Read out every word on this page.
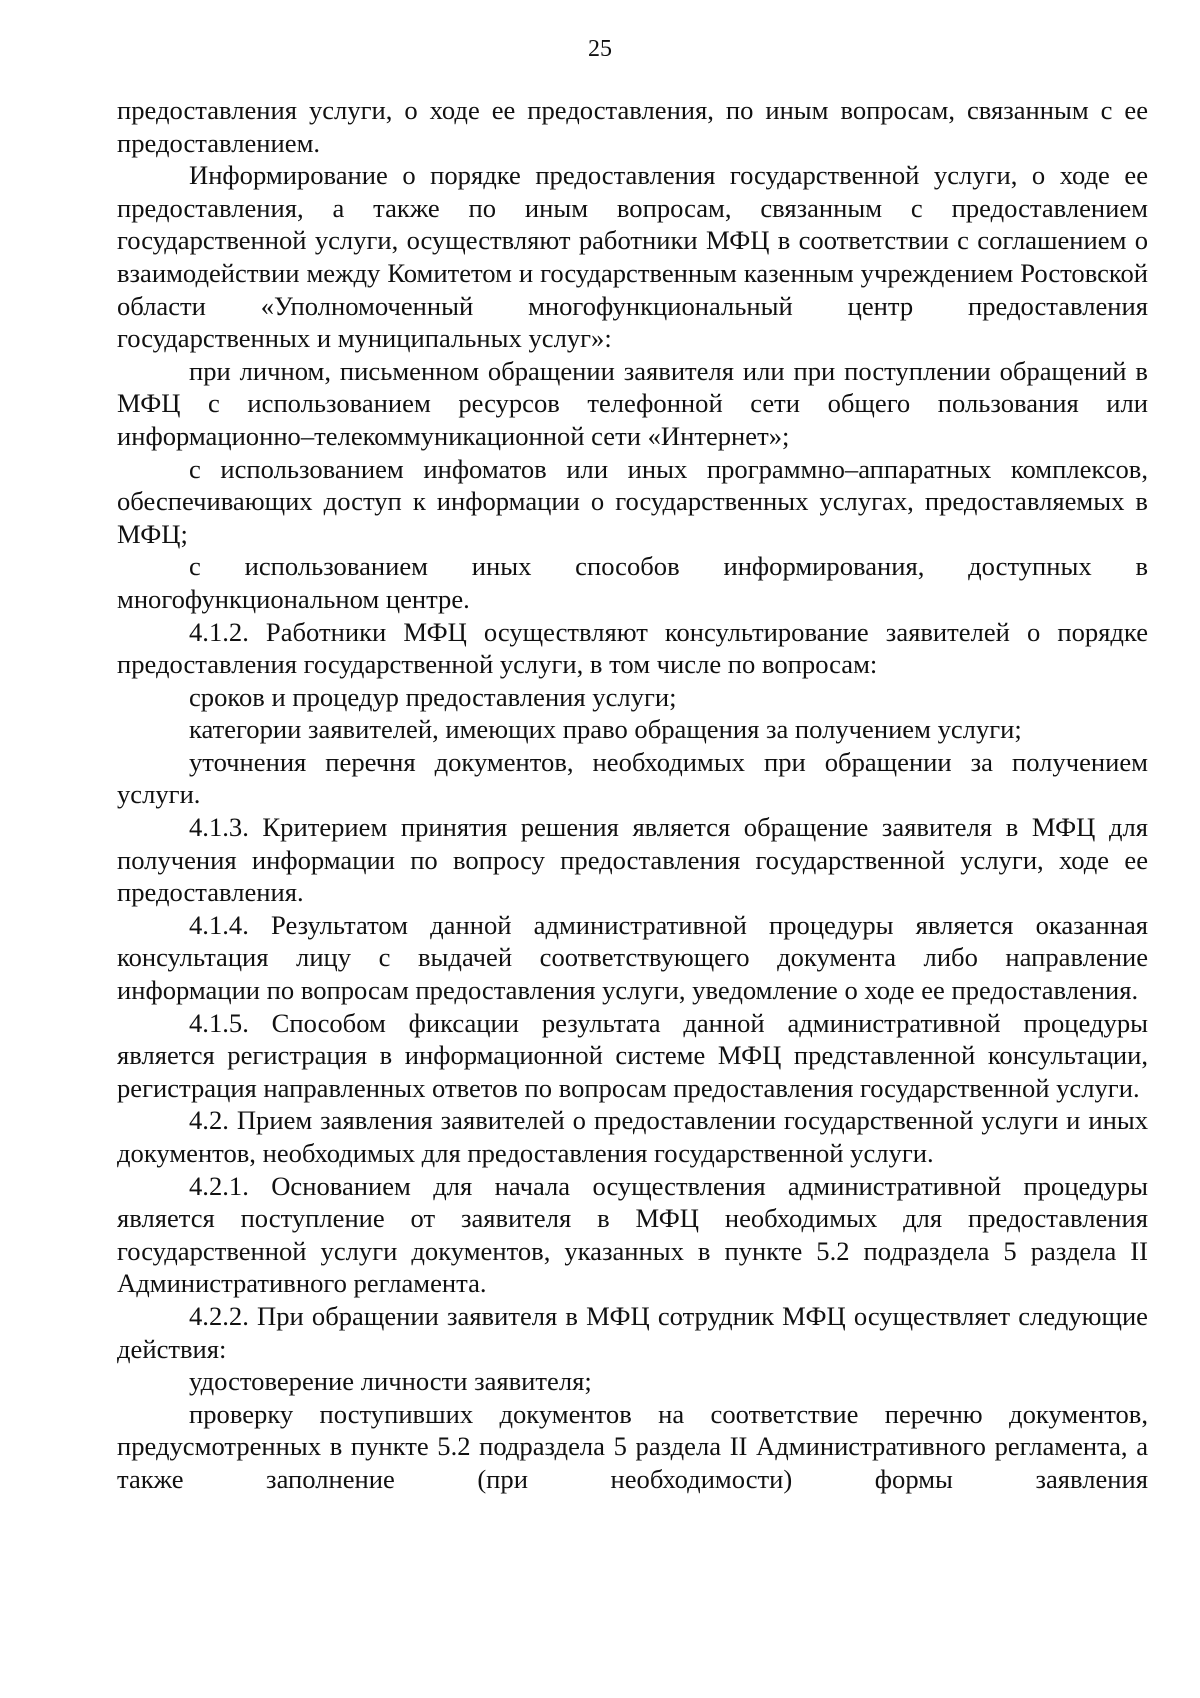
25

предоставления услуги, о ходе ее предоставления, по иным вопросам, связанным с ее предоставлением.

Информирование о порядке предоставления государственной услуги, о ходе ее предоставления, а также по иным вопросам, связанным с предоставлением государственной услуги, осуществляют работники МФЦ в соответствии с соглашением о взаимодействии между Комитетом и государственным казенным учреждением Ростовской области «Уполномоченный многофункциональный центр предоставления государственных и муниципальных услуг»:

при личном, письменном обращении заявителя или при поступлении обращений в МФЦ с использованием ресурсов телефонной сети общего пользования или информационно–телекоммуникационной сети «Интернет»;

с использованием инфоматов или иных программно–аппаратных комплексов, обеспечивающих доступ к информации о государственных услугах, предоставляемых в МФЦ;

с использованием иных способов информирования, доступных в многофункциональном центре.

4.1.2. Работники МФЦ осуществляют консультирование заявителей о порядке предоставления государственной услуги, в том числе по вопросам:

сроков и процедур предоставления услуги;

категории заявителей, имеющих право обращения за получением услуги;

уточнения перечня документов, необходимых при обращении за получением услуги.

4.1.3. Критерием принятия решения является обращение заявителя в МФЦ для получения информации по вопросу предоставления государственной услуги, ходе ее предоставления.

4.1.4. Результатом данной административной процедуры является оказанная консультация лицу с выдачей соответствующего документа либо направление информации по вопросам предоставления услуги, уведомление о ходе ее предоставления.

4.1.5. Способом фиксации результата данной административной процедуры является регистрация в информационной системе МФЦ представленной консультации, регистрация направленных ответов по вопросам предоставления государственной услуги.

4.2. Прием заявления заявителей о предоставлении государственной услуги и иных документов, необходимых для предоставления государственной услуги.

4.2.1. Основанием для начала осуществления административной процедуры является поступление от заявителя в МФЦ необходимых для предоставления государственной услуги документов, указанных в пункте 5.2 подраздела 5 раздела II Административного регламента.

4.2.2. При обращении заявителя в МФЦ сотрудник МФЦ осуществляет следующие действия:

удостоверение личности заявителя;

проверку поступивших документов на соответствие перечню документов, предусмотренных в пункте 5.2 подраздела 5 раздела II Административного регламента, а также заполнение (при необходимости) формы заявления
